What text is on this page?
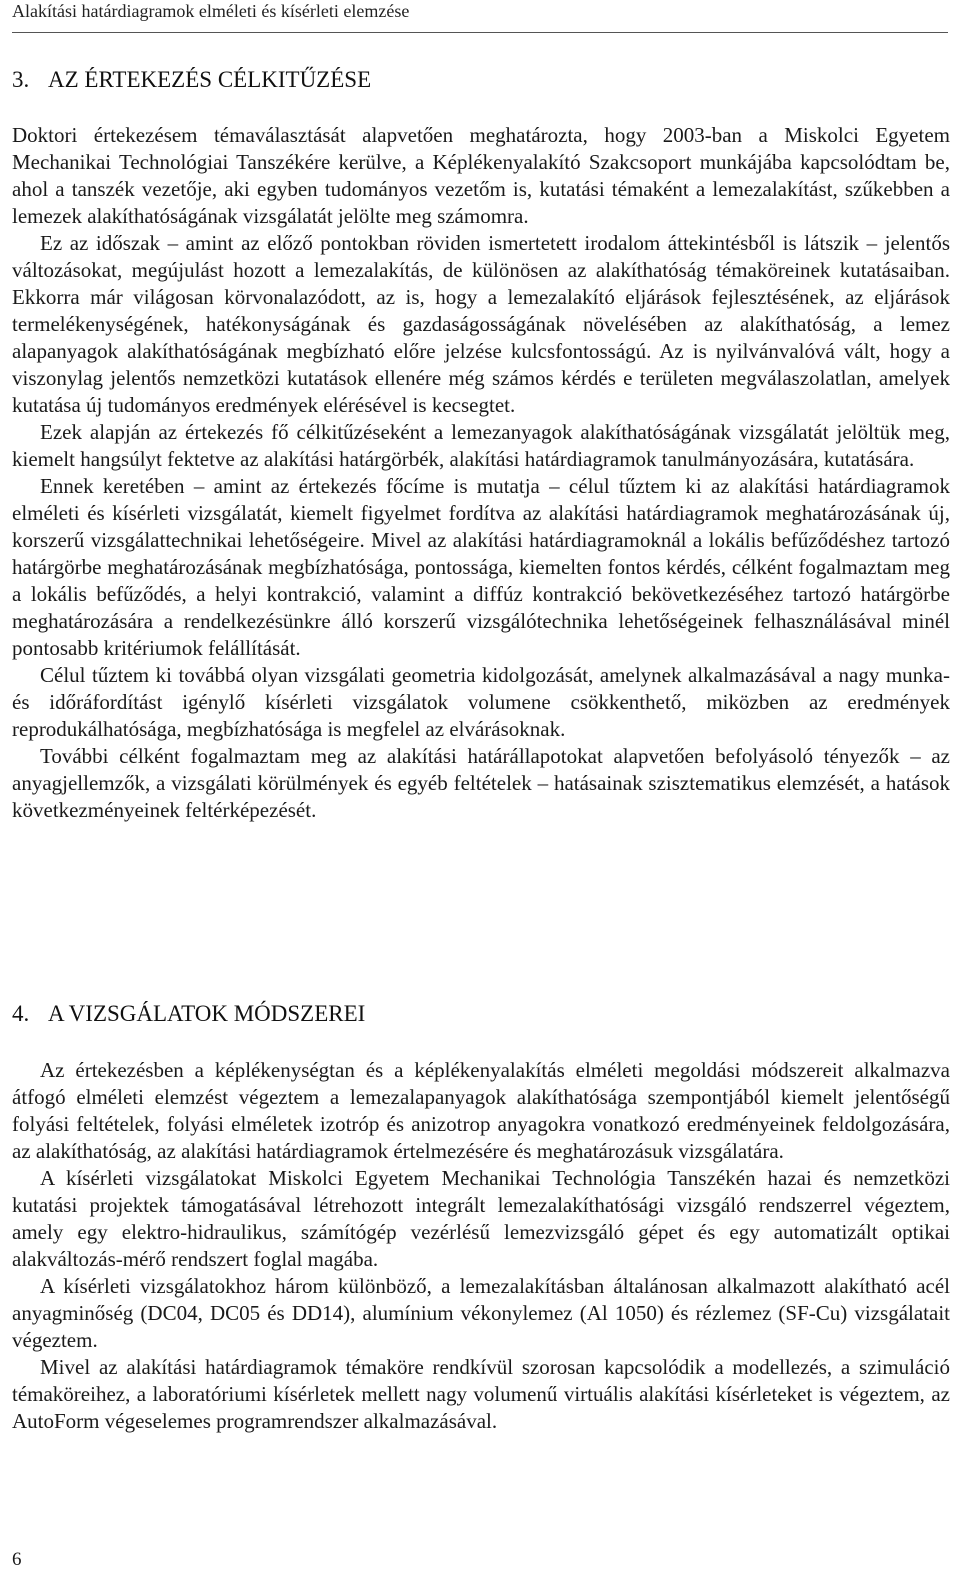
Alakítási határdiagramok elméleti és kísérleti elemzése
3. AZ ÉRTEKEZÉS CÉLKITŰZÉSE

Doktori értekezésem témaválasztását alapvetően meghatározta, hogy 2003-ban a Miskolci Egyetem Mechanikai Technológiai Tanszékére kerülve, a Képlékenyalakító Szakcsoport munkájába kapcsolódtam be, ahol a tanszék vezetője, aki egyben tudományos vezetőm is, kutatási témaként a lemezalakítást, szűkebben a lemezek alakíthatóságának vizsgálatát jelölte meg számomra.

Ez az időszak – amint az előző pontokban röviden ismertetett irodalom áttekintésből is látszik – jelentős változásokat, megújulást hozott a lemezalakítás, de különösen az alakíthatóság témaköreinek kutatásaiban. Ekkorra már világosan körvonalazódott, az is, hogy a lemezalakító eljárások fejlesztésének, az eljárások termelékenységének, hatékonyságának és gazdaságosságának növelésében az alakíthatóság, a lemez alapanyagok alakíthatóságának megbízható előre jelzése kulcsfontosságú. Az is nyilvánvalóvá vált, hogy a viszonylag jelentős nemzetközi kutatások ellenére még számos kérdés e területen megválaszolatlan, amelyek kutatása új tudományos eredmények elérésével is kecsegtet.

Ezek alapján az értekezés fő célkitűzéseként a lemezanyagok alakíthatóságának vizsgálatát jelöltük meg, kiemelt hangsúlyt fektetve az alakítási határgörbék, alakítási határdiagramok tanulmányozására, kutatására.

Ennek keretében – amint az értekezés főcíme is mutatja – célul tűztem ki az alakítási határdiagramok elméleti és kísérleti vizsgálatát, kiemelt figyelmet fordítva az alakítási határdiagramok meghatározásának új, korszerű vizsgálattechnikai lehetőségeire. Mivel az alakítási határdiagramoknál a lokális befűződéshez tartozó határgörbe meghatározásának megbízhatósága, pontossága, kiemelten fontos kérdés, célként fogalmaztam meg a lokális befűződés, a helyi kontrakció, valamint a diffúz kontrakció bekövetkezéséhez tartozó határgörbe meghatározására a rendelkezésünkre álló korszerű vizsgálótechnika lehetőségeinek felhasználásával minél pontosabb kritériumok felállítását.

Célul tűztem ki továbbá olyan vizsgálati geometria kidolgozását, amelynek alkalmazásával a nagy munka- és időráfordítást igénylő kísérleti vizsgálatok volumene csökkenthető, miközben az eredmények reprodukálhatósága, megbízhatósága is megfelel az elvárásoknak.

További célként fogalmaztam meg az alakítási határállapotokat alapvetően befolyásoló tényezők – az anyagjellemzők, a vizsgálati körülmények és egyéb feltételek – hatásainak szisztematikus elemzését, a hatások következményeinek feltérképezését.

4. A VIZSGÁLATOK MÓDSZEREI

Az értekezésben a képlékenységtan és a képlékenyalakítás elméleti megoldási módszereit alkalmazva átfogó elméleti elemzést végeztem a lemezalapanyagok alakíthatósága szempontjából kiemelt jelentőségű folyási feltételek, folyási elméletek izotróp és anizotrop anyagokra vonatkozó eredményeinek feldolgozására, az alakíthatóság, az alakítási határdiagramok értelmezésére és meghatározásuk vizsgálatára.

A kísérleti vizsgálatokat Miskolci Egyetem Mechanikai Technológia Tanszékén hazai és nemzetközi kutatási projektek támogatásával létrehozott integrált lemezalakíthatósági vizsgáló rendszerrel végeztem, amely egy elektro-hidraulikus, számítógép vezérlésű lemezvizsgáló gépet és egy automatizált optikai alakváltozás-mérő rendszert foglal magába.

A kísérleti vizsgálatokhoz három különböző, a lemezalakításban általánosan alkalmazott alakítható acél anyagminőség (DC04, DC05 és DD14), alumínium vékonylemez (Al 1050) és rézlemez (SF-Cu) vizsgálatait végeztem.

Mivel az alakítási határdiagramok témaköre rendkívül szorosan kapcsolódik a modellezés, a szimuláció témaköreihez, a laboratóriumi kísérletek mellett nagy volumenű virtuális alakítási kísérleteket is végeztem, az AutoForm végeselemes programrendszer alkalmazásával.

6
